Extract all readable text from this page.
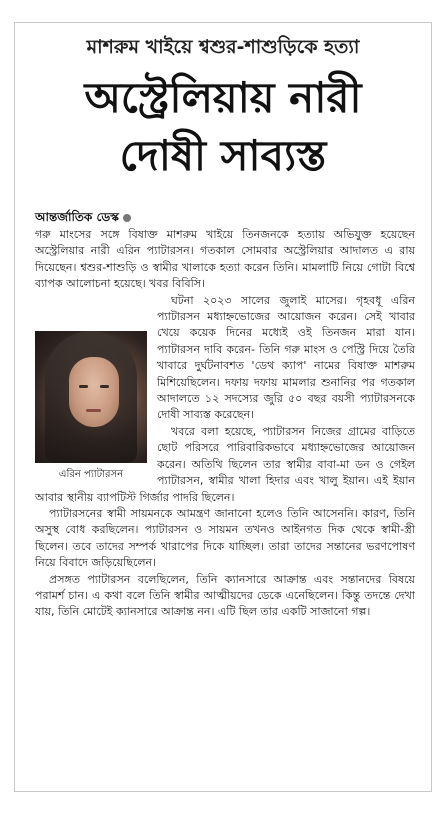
মাশরুম খাইয়ে শ্বশুর-শাশুড়িকে হত্যা
অস্ট্রেলিয়ায় নারী
দোষী সাব্যস্ত
আন্তর্জাতিক ডেস্ক

গরু মাংসের সঙ্গে বিষাক্ত মাশরুম খাইয়ে তিনজনকে হত্যায় অভিযুক্ত হয়েছেন অস্ট্রেলিয়ার নারী এরিন প্যাটারসন। গতকাল সোমবার অস্ট্রেলিয়ার আদালত এ রায় দিয়েছেন। শ্বশুর-শাশুড়ি ও স্বামীর খালাকে হত্যা করেন তিনি। মামলাটি নিয়ে গোটা বিশ্বে ব্যাপক আলোচনা হয়েছে। খবর বিবিসি।

এরিন প্যাটারসন

ঘটনা ২০২৩ সালের জুলাই মাসের। গৃহবধূ এরিন প্যাটারসন মধ্যাহ্নভোজের আয়োজন করেন। সেই খাবার খেয়ে কয়েক দিনের মধ্যেই ওই তিনজন মারা যান। প্যাটারসন দাবি করেন- তিনি গরু মাংস ও পেস্ট্রি দিয়ে তৈরি খাবারে দুর্ঘটনাবশত 'ডেথ ক্যাপ' নামের বিষাক্ত মাশরুম মিশিয়েছিলেন। দফায় দফায় মামলার শুনানির পর গতকাল আদালতে ১২ সদস্যের জুরি ৫০ বছর বয়সী প্যাটারসনকে দোষী সাব্যস্ত করেছেন।

খবরে বলা হয়েছে, প্যাটারসন নিজের গ্রামের বাড়িতে ছোট পরিসরে পারিবারিকভাবে মধ্যাহ্নভোজের আয়োজন করেন। অতিথি ছিলেন তার স্বামীর বাবা-মা ডন ও গেইল প্যাটারসন, স্বামীর খালা হিদার এবং খালু ইয়ান। এই ইয়ান আবার স্থানীয় ব্যাপটিস্ট গির্জার পাদরি ছিলেন।

প্যাটারসনের স্বামী সায়মনকে আমন্ত্রণ জানানো হলেও তিনি আসেননি। কারণ, তিনি অসুস্থ বোধ করছিলেন। প্যাটারসন ও সায়মন তখনও আইনগত দিক থেকে স্বামী-স্ত্রী ছিলেন। তবে তাদের সম্পর্ক খারাপের দিকে যাচ্ছিল। তারা তাদের সন্তানের ভরণপোষণ নিয়ে বিবাদে জড়িয়েছিলেন।

প্রসঙ্গত প্যাটারসন বলেছিলেন, তিনি ক্যানসারে আক্রান্ত এবং সন্তানদের বিষয়ে পরামর্শ চান। এ কথা বলে তিনি স্বামীর আত্মীয়দের ডেকে এনেছিলেন। কিন্তু তদন্তে দেখা যায়, তিনি মোটেই ক্যানসারে আক্রান্ত নন। এটি ছিল তার একটি সাজানো গল্প।
